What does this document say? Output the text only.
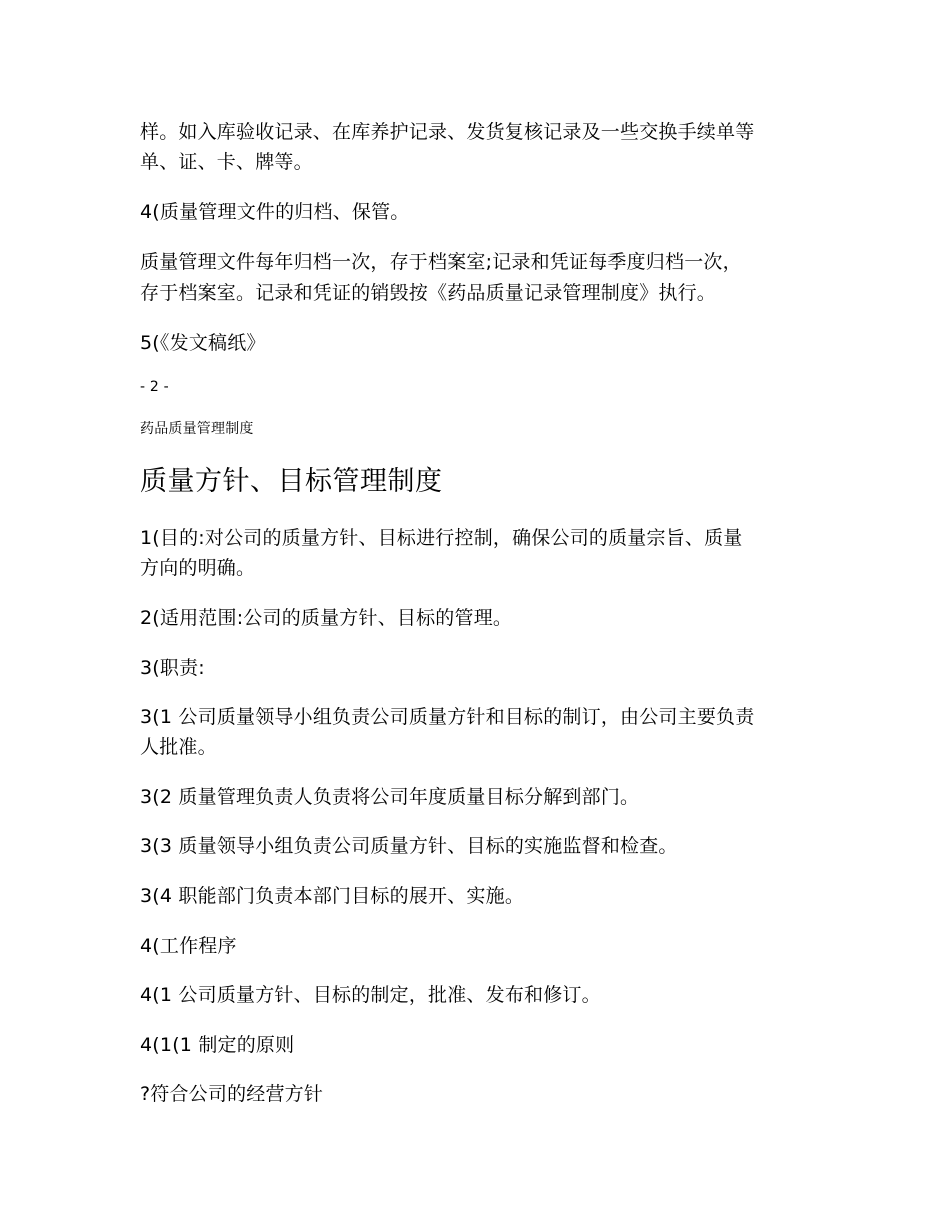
样。如入库验收记录、在库养护记录、发货复核记录及一些交换手续单等
单、证、卡、牌等。
4(质量管理文件的归档、保管。
质量管理文件每年归档一次，存于档案室;记录和凭证每季度归档一次，
存于档案室。记录和凭证的销毁按《药品质量记录管理制度》执行。
5(《发文稿纸》
- 2 -
药品质量管理制度
质量方针、目标管理制度
1(目的:对公司的质量方针、目标进行控制，确保公司的质量宗旨、质量
方向的明确。
2(适用范围:公司的质量方针、目标的管理。
3(职责:
3(1 公司质量领导小组负责公司质量方针和目标的制订，由公司主要负责
人批准。
3(2 质量管理负责人负责将公司年度质量目标分解到部门。
3(3 质量领导小组负责公司质量方针、目标的实施监督和检查。
3(4 职能部门负责本部门目标的展开、实施。
4(工作程序
4(1 公司质量方针、目标的制定，批准、发布和修订。
4(1(1 制定的原则
?符合公司的经营方针
